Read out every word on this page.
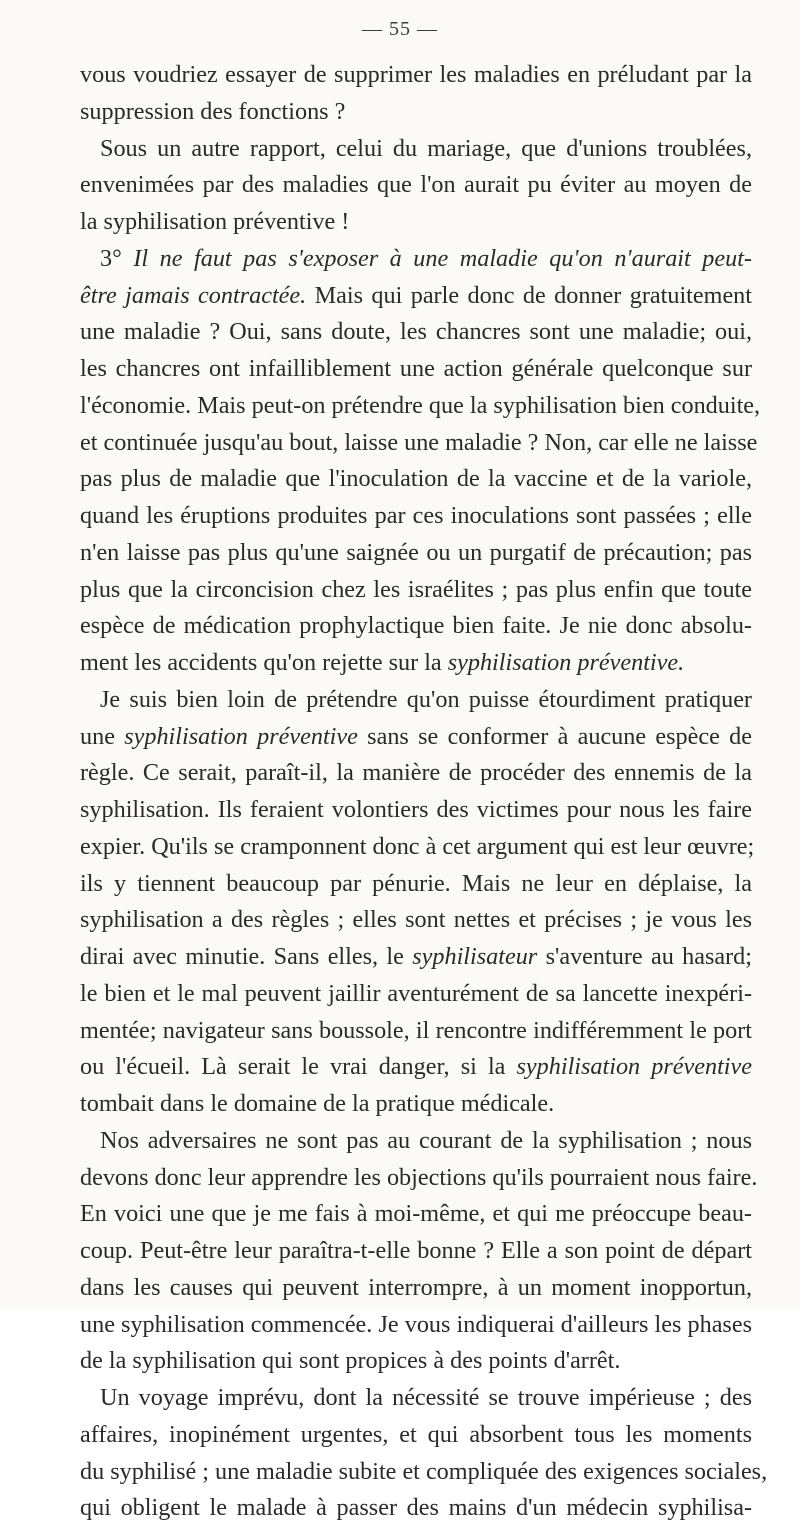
— 55 —
vous voudriez essayer de supprimer les maladies en préludant par la
suppression des fonctions ?
Sous un autre rapport, celui du mariage, que d'unions troublées,
envenimées par des maladies que l'on aurait pu éviter au moyen de
la syphilisation préventive !
3° Il ne faut pas s'exposer à une maladie qu'on n'aurait peut-
être jamais contractée. Mais qui parle donc de donner gratuitement
une maladie ? Oui, sans doute, les chancres sont une maladie; oui,
les chancres ont infailliblement une action générale quelconque sur
l'économie. Mais peut-on prétendre que la syphilisation bien conduite,
et continuée jusqu'au bout, laisse une maladie ? Non, car elle ne laisse
pas plus de maladie que l'inoculation de la vaccine et de la variole,
quand les éruptions produites par ces inoculations sont passées ; elle
n'en laisse pas plus qu'une saignée ou un purgatif de précaution; pas
plus que la circoncision chez les israélites ; pas plus enfin que toute
espèce de médication prophylactique bien faite. Je nie donc absolu-
ment les accidents qu'on rejette sur la syphilisation préventive.
Je suis bien loin de prétendre qu'on puisse étourdiment pratiquer
une syphilisation préventive sans se conformer à aucune espèce de
règle. Ce serait, paraît-il, la manière de procéder des ennemis de la
syphilisation. Ils feraient volontiers des victimes pour nous les faire
expier. Qu'ils se cramponnent donc à cet argument qui est leur œuvre;
ils y tiennent beaucoup par pénurie. Mais ne leur en déplaise, la
syphilisation a des règles ; elles sont nettes et précises ; je vous les
dirai avec minutie. Sans elles, le syphilisateur s'aventure au hasard;
le bien et le mal peuvent jaillir aventurément de sa lancette inexpéri-
mentée; navigateur sans boussole, il rencontre indifféremment le port
ou l'écueil. Là serait le vrai danger, si la syphilisation préventive
tombait dans le domaine de la pratique médicale.
Nos adversaires ne sont pas au courant de la syphilisation ; nous
devons donc leur apprendre les objections qu'ils pourraient nous faire.
En voici une que je me fais à moi-même, et qui me préoccupe beau-
coup. Peut-être leur paraîtra-t-elle bonne ? Elle a son point de départ
dans les causes qui peuvent interrompre, à un moment inopportun,
une syphilisation commencée. Je vous indiquerai d'ailleurs les phases
de la syphilisation qui sont propices à des points d'arrêt.
Un voyage imprévu, dont la nécessité se trouve impérieuse ; des
affaires, inopinément urgentes, et qui absorbent tous les moments
du syphilisé ; une maladie subite et compliquée des exigences sociales,
qui obligent le malade à passer des mains d'un médecin syphilisa-
